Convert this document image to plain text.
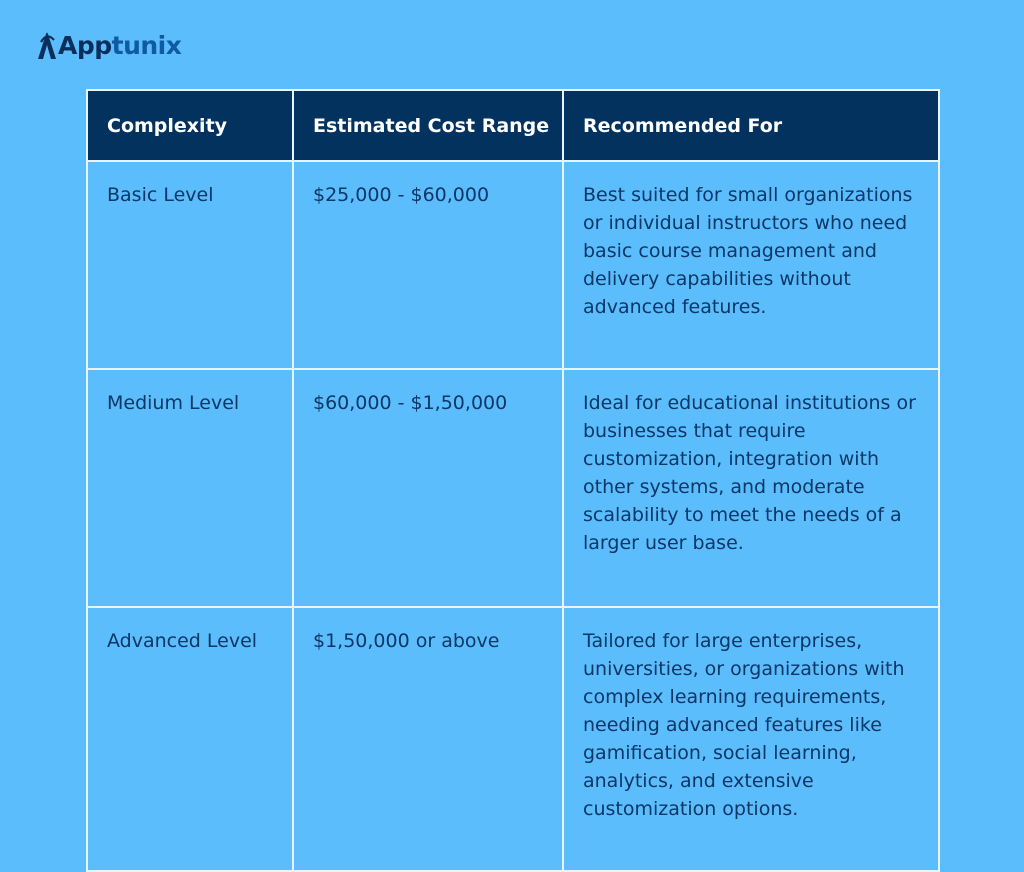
App tunix
Complexity	Estimated Cost Range	Recommended For
Basic Level	$25,000 - $60,000	Best suited for small organizations or individual instructors who need basic course management and delivery capabilities without advanced features.
Medium Level	$60,000 - $1,50,000	Ideal for educational institutions or businesses that require customization, integration with other systems, and moderate scalability to meet the needs of a larger user base.
Advanced Level	$1,50,000 or above	Tailored for large enterprises, universities, or organizations with complex learning requirements, needing advanced features like gamification, social learning, analytics, and extensive customization options.
